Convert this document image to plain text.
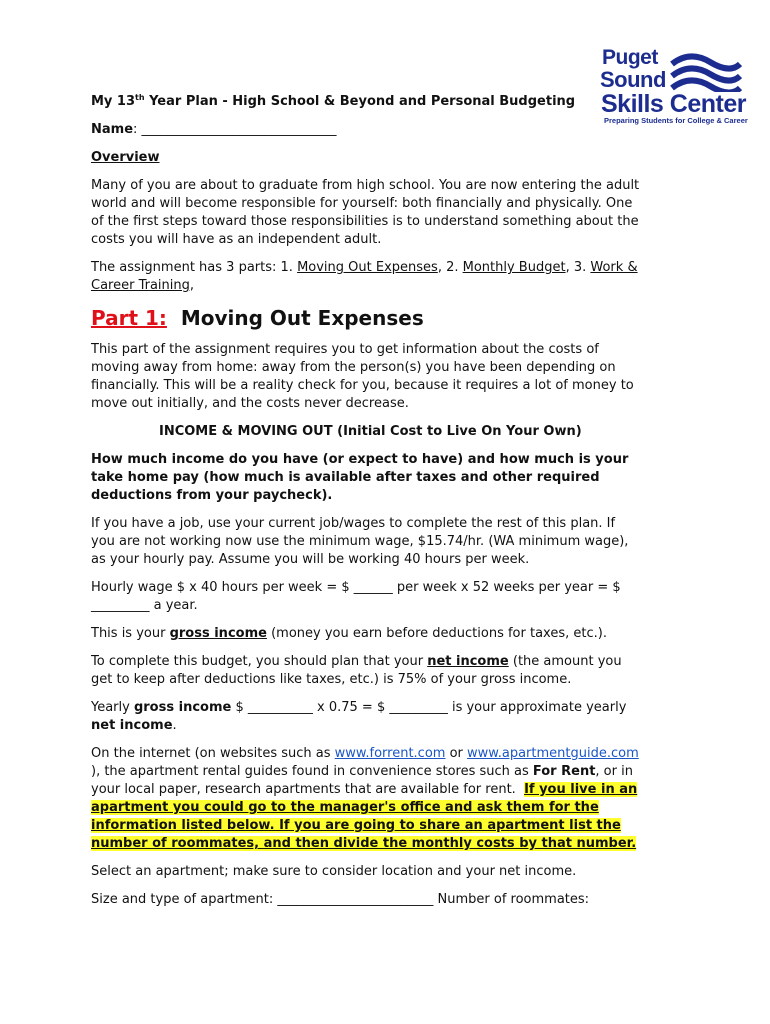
Puget
Sound
Skills Center
Preparing Students for College & Career
My 13th Year Plan - High School & Beyond and Personal Budgeting
Name: ______________________________
Overview
Many of you are about to graduate from high school. You are now entering the adult
world and will become responsible for yourself: both financially and physically. One
of the first steps toward those responsibilities is to understand something about the
costs you will have as an independent adult.
The assignment has 3 parts: 1. Moving Out Expenses, 2. Monthly Budget, 3. Work &
Career Training,
Part 1:  Moving Out Expenses
This part of the assignment requires you to get information about the costs of
moving away from home: away from the person(s) you have been depending on
financially. This will be a reality check for you, because it requires a lot of money to
move out initially, and the costs never decrease.
INCOME & MOVING OUT (Initial Cost to Live On Your Own)
How much income do you have (or expect to have) and how much is your
take home pay (how much is available after taxes and other required
deductions from your paycheck).
If you have a job, use your current job/wages to complete the rest of this plan. If
you are not working now use the minimum wage, $15.74/hr. (WA minimum wage),
as your hourly pay. Assume you will be working 40 hours per week.
Hourly wage $ x 40 hours per week = $ ______ per week x 52 weeks per year = $
_________ a year.
This is your gross income (money you earn before deductions for taxes, etc.).
To complete this budget, you should plan that your net income (the amount you
get to keep after deductions like taxes, etc.) is 75% of your gross income.
Yearly gross income $ __________ x 0.75 = $ _________ is your approximate yearly
net income.
On the internet (on websites such as www.forrent.com or www.apartmentguide.com
), the apartment rental guides found in convenience stores such as For Rent, or in
your local paper, research apartments that are available for rent.  If you live in an
apartment you could go to the manager's office and ask them for the
information listed below. If you are going to share an apartment list the
number of roommates, and then divide the monthly costs by that number.
Select an apartment; make sure to consider location and your net income.
Size and type of apartment: ________________________ Number of roommates:
